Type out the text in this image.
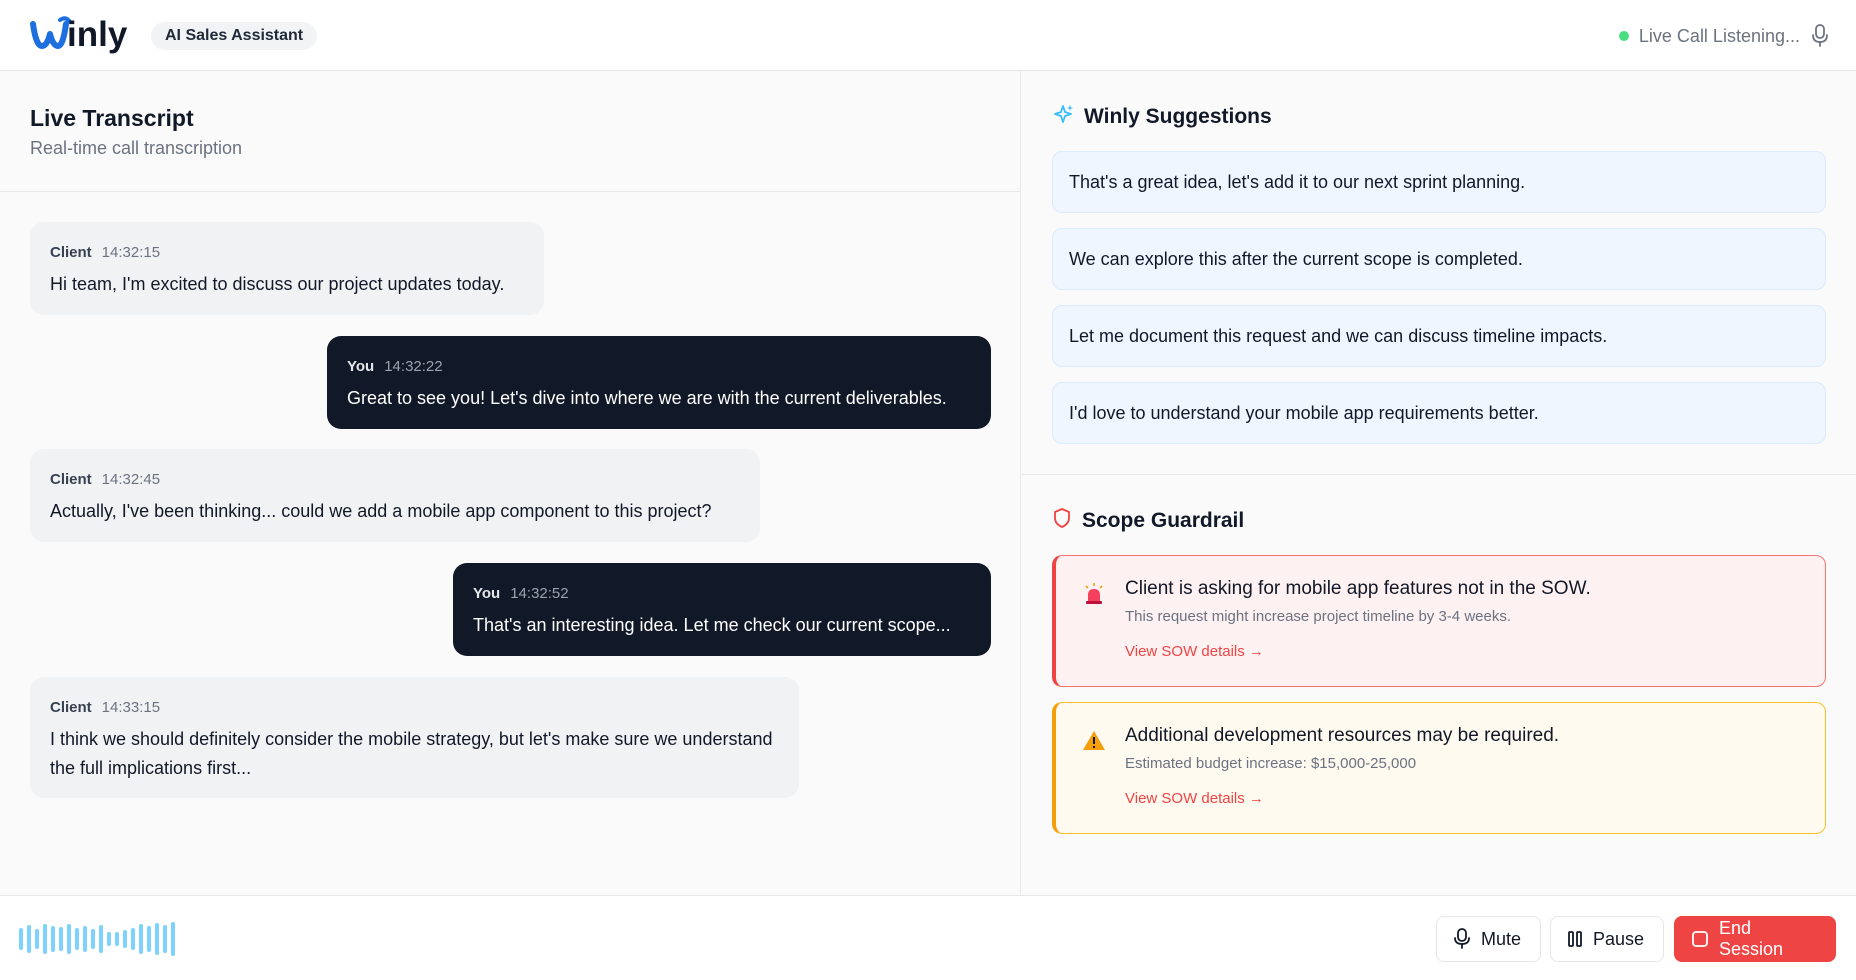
inly	AI Sales Assistant	Live Call Listening...
Live Transcript
Real-time call transcription
Client 14:32:15
Hi team, I'm excited to discuss our project updates today.
You 14:32:22
Great to see you! Let's dive into where we are with the current deliverables.
Client 14:32:45
Actually, I've been thinking... could we add a mobile app component to this project?
You 14:32:52
That's an interesting idea. Let me check our current scope...
Client 14:33:15
I think we should definitely consider the mobile strategy, but let's make sure we understand the full implications first...
Winly Suggestions
That's a great idea, let's add it to our next sprint planning.
We can explore this after the current scope is completed.
Let me document this request and we can discuss timeline impacts.
I'd love to understand your mobile app requirements better.
Scope Guardrail
Client is asking for mobile app features not in the SOW.
This request might increase project timeline by 3-4 weeks.
View SOW details →
Additional development resources may be required.
Estimated budget increase: $15,000-25,000
View SOW details →
Mute	Pause
End Session
